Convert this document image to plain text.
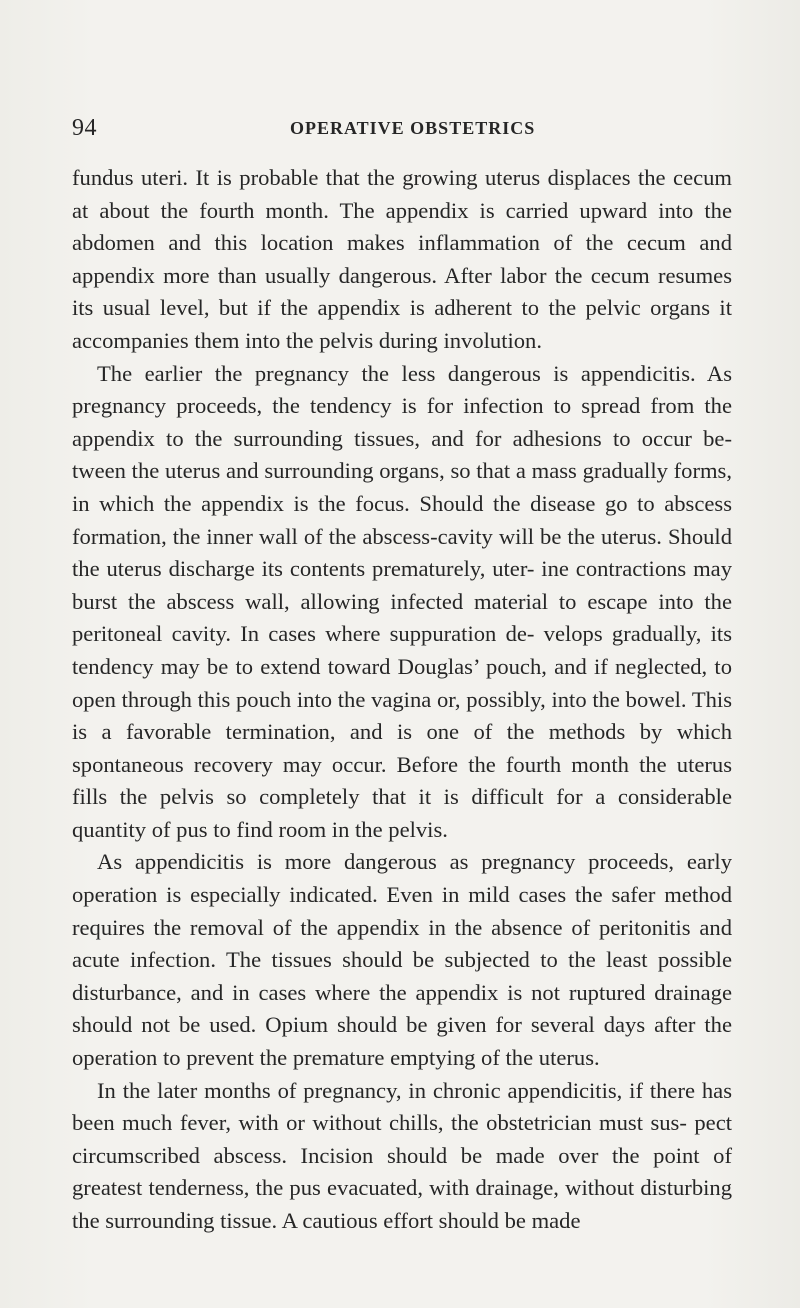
94	OPERATIVE OBSTETRICS

fundus uteri. It is probable that the growing uterus displaces the cecum at about the fourth month. The appendix is carried upward into the abdomen and this location makes inflammation of the cecum and appendix more than usually dangerous. After labor the cecum resumes its usual level, but if the appendix is adherent to the pelvic organs it accompanies them into the pelvis during involution.

The earlier the pregnancy the less dangerous is appendicitis. As pregnancy proceeds, the tendency is for infection to spread from the appendix to the surrounding tissues, and for adhesions to occur be- tween the uterus and surrounding organs, so that a mass gradually forms, in which the appendix is the focus. Should the disease go to abscess formation, the inner wall of the abscess-cavity will be the uterus. Should the uterus discharge its contents prematurely, uter- ine contractions may burst the abscess wall, allowing infected material to escape into the peritoneal cavity. In cases where suppuration de- velops gradually, its tendency may be to extend toward Douglas’ pouch, and if neglected, to open through this pouch into the vagina or, possibly, into the bowel. This is a favorable termination, and is one of the methods by which spontaneous recovery may occur. Before the fourth month the uterus fills the pelvis so completely that it is difficult for a considerable quantity of pus to find room in the pelvis.

As appendicitis is more dangerous as pregnancy proceeds, early operation is especially indicated. Even in mild cases the safer method requires the removal of the appendix in the absence of peritonitis and acute infection. The tissues should be subjected to the least possible disturbance, and in cases where the appendix is not ruptured drainage should not be used. Opium should be given for several days after the operation to prevent the premature emptying of the uterus.

In the later months of pregnancy, in chronic appendicitis, if there has been much fever, with or without chills, the obstetrician must sus- pect circumscribed abscess. Incision should be made over the point of greatest tenderness, the pus evacuated, with drainage, without disturbing the surrounding tissue. A cautious effort should be made
